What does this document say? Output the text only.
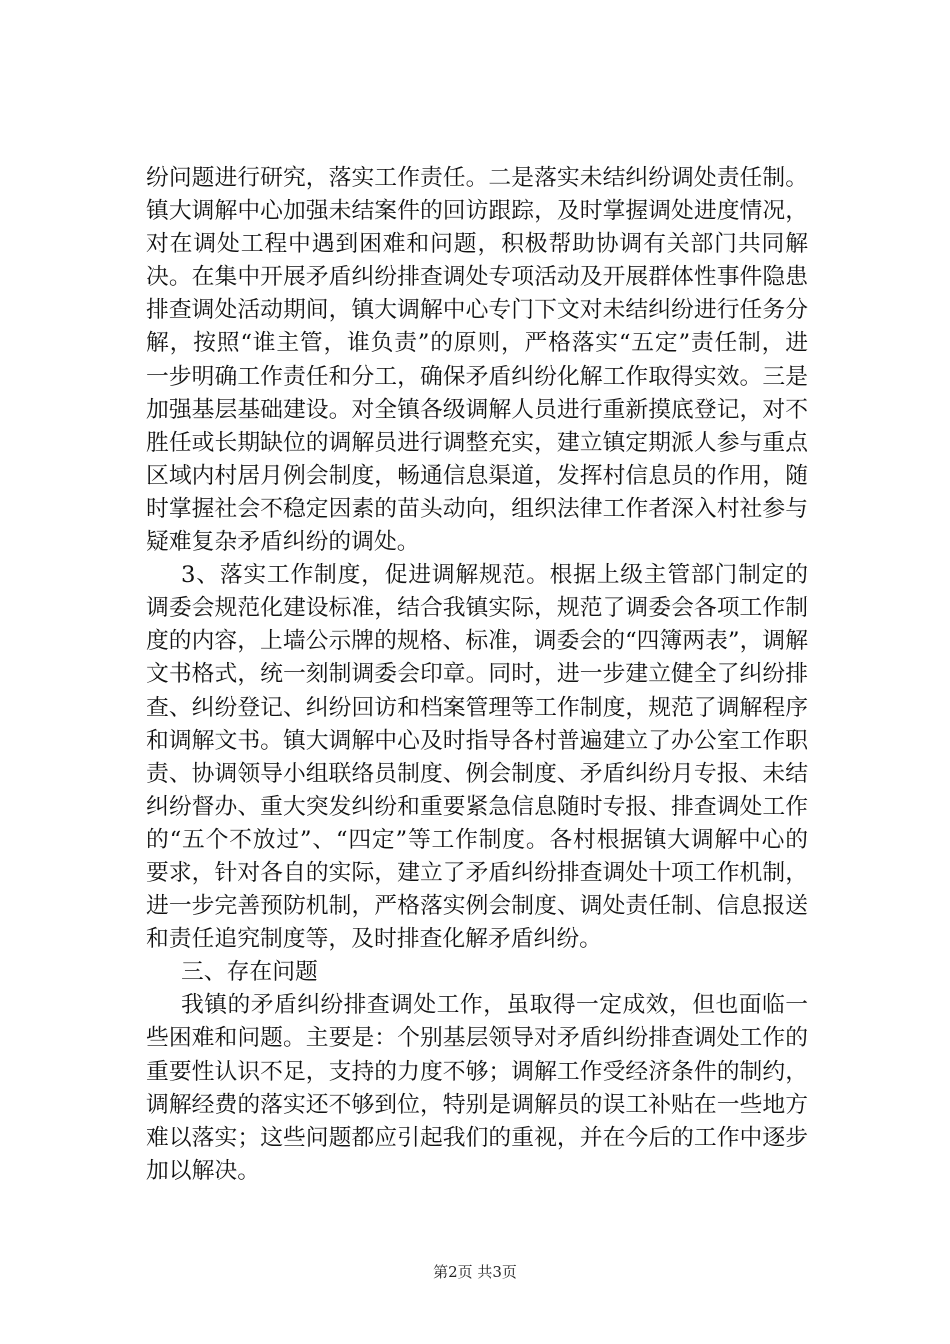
纷问题进行研究，落实工作责任。二是落实未结纠纷调处责任制。镇大调解中心加强未结案件的回访跟踪，及时掌握调处进度情况，对在调处工程中遇到困难和问题，积极帮助协调有关部门共同解决。在集中开展矛盾纠纷排查调处专项活动及开展群体性事件隐患排查调处活动期间，镇大调解中心专门下文对未结纠纷进行任务分解，按照“谁主管，谁负责”的原则，严格落实“五定”责任制，进一步明确工作责任和分工，确保矛盾纠纷化解工作取得实效。三是加强基层基础建设。对全镇各级调解人员进行重新摸底登记，对不胜任或长期缺位的调解员进行调整充实，建立镇定期派人参与重点区域内村居月例会制度，畅通信息渠道，发挥村信息员的作用，随时掌握社会不稳定因素的苗头动向，组织法律工作者深入村社参与疑难复杂矛盾纠纷的调处。

3、落实工作制度，促进调解规范。根据上级主管部门制定的调委会规范化建设标准，结合我镇实际，规范了调委会各项工作制度的内容，上墙公示牌的规格、标准，调委会的“四簿两表”，调解文书格式，统一刻制调委会印章。同时，进一步建立健全了纠纷排查、纠纷登记、纠纷回访和档案管理等工作制度，规范了调解程序和调解文书。镇大调解中心及时指导各村普遍建立了办公室工作职责、协调领导小组联络员制度、例会制度、矛盾纠纷月专报、未结纠纷督办、重大突发纠纷和重要紧急信息随时专报、排查调处工作的“五个不放过”、“四定”等工作制度。各村根据镇大调解中心的要求，针对各自的实际，建立了矛盾纠纷排查调处十项工作机制，进一步完善预防机制，严格落实例会制度、调处责任制、信息报送和责任追究制度等，及时排查化解矛盾纠纷。

三、存在问题

我镇的矛盾纠纷排查调处工作，虽取得一定成效，但也面临一些困难和问题。主要是：个别基层领导对矛盾纠纷排查调处工作的重要性认识不足，支持的力度不够；调解工作受经济条件的制约，调解经费的落实还不够到位，特别是调解员的误工补贴在一些地方难以落实；这些问题都应引起我们的重视，并在今后的工作中逐步加以解决。

第2页 共3页
